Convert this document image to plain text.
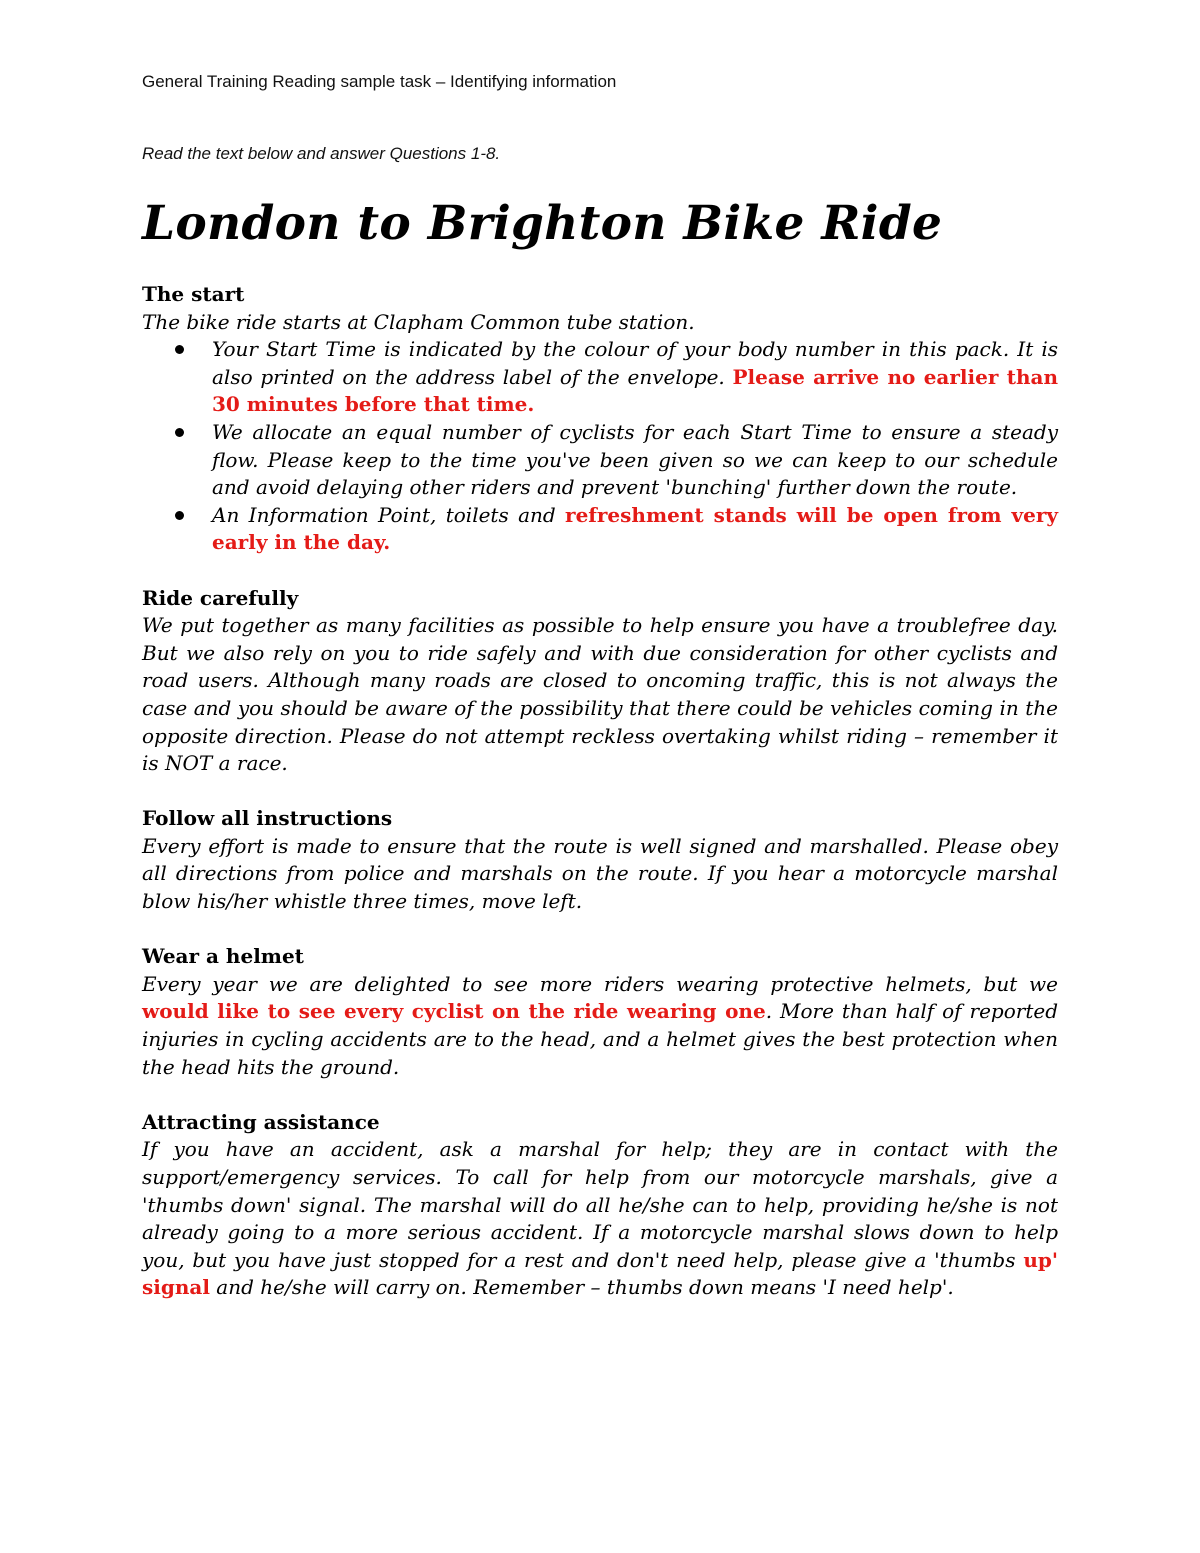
General Training Reading sample task – Identifying information
Read the text below and answer Questions 1-8.
London to Brighton Bike Ride
The start
The bike ride starts at Clapham Common tube station.
Your Start Time is indicated by the colour of your body number in this pack. It is also printed on the address label of the envelope. Please arrive no earlier than 30 minutes before that time.
We allocate an equal number of cyclists for each Start Time to ensure a steady flow. Please keep to the time you've been given so we can keep to our schedule and avoid delaying other riders and prevent 'bunching' further down the route.
An Information Point, toilets and refreshment stands will be open from very early in the day.
Ride carefully
We put together as many facilities as possible to help ensure you have a troublefree day. But we also rely on you to ride safely and with due consideration for other cyclists and road users. Although many roads are closed to oncoming traffic, this is not always the case and you should be aware of the possibility that there could be vehicles coming in the opposite direction. Please do not attempt reckless overtaking whilst riding – remember it is NOT a race.
Follow all instructions
Every effort is made to ensure that the route is well signed and marshalled. Please obey all directions from police and marshals on the route. If you hear a motorcycle marshal blow his/her whistle three times, move left.
Wear a helmet
Every year we are delighted to see more riders wearing protective helmets, but we would like to see every cyclist on the ride wearing one. More than half of reported injuries in cycling accidents are to the head, and a helmet gives the best protection when the head hits the ground.
Attracting assistance
If you have an accident, ask a marshal for help; they are in contact with the support/emergency services. To call for help from our motorcycle marshals, give a 'thumbs down' signal. The marshal will do all he/she can to help, providing he/she is not already going to a more serious accident. If a motorcycle marshal slows down to help you, but you have just stopped for a rest and don't need help, please give a 'thumbs up' signal and he/she will carry on. Remember – thumbs down means 'I need help'.
